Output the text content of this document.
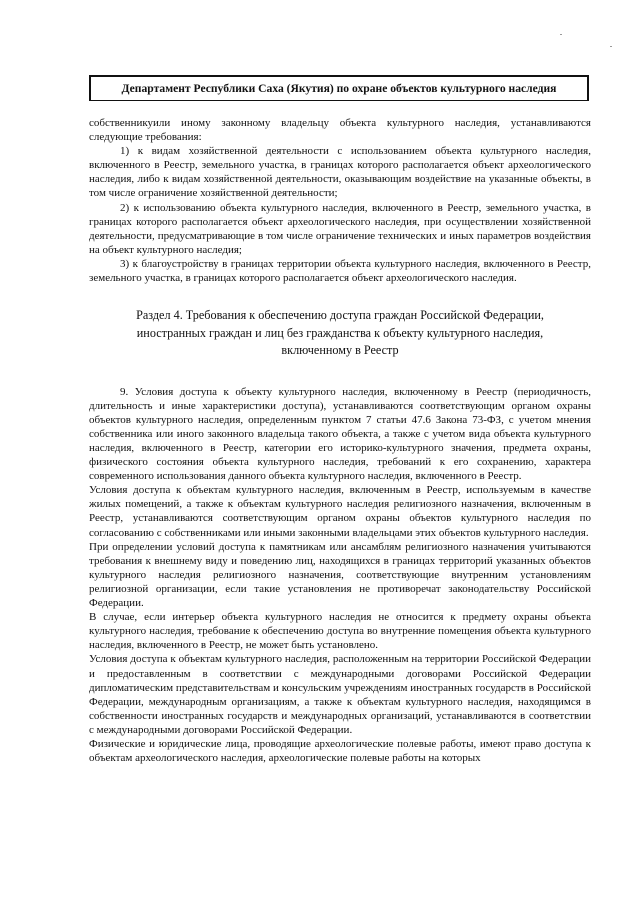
Департамент Республики Саха (Якутия) по охране объектов культурного наследия

собственникуили иному законному владельцу объекта культурного наследия, устанавливаются следующие требования:

1) к видам хозяйственной деятельности с использованием объекта культурного наследия, включенного в Реестр, земельного участка, в границах которого располагается объект археологического наследия, либо к видам хозяйственной деятельности, оказывающим воздействие на указанные объекты, в том числе ограничение хозяйственной деятельности;

2) к использованию объекта культурного наследия, включенного в Реестр, земельного участка, в границах которого располагается объект археологического наследия, при осуществлении хозяйственной деятельности, предусматривающие в том числе ограничение технических и иных параметров воздействия на объект культурного наследия;

3) к благоустройству в границах территории объекта культурного наследия, включенного в Реестр, земельного участка, в границах которого располагается объект археологического наследия.

Раздел 4. Требования к обеспечению доступа граждан Российской Федерации,
иностранных граждан и лиц без гражданства к объекту культурного наследия,
включенному в Реестр

9. Условия доступа к объекту культурного наследия, включенному в Реестр (периодичность, длительность и иные характеристики доступа), устанавливаются соответствующим органом охраны объектов культурного наследия, определенным пунктом 7 статьи 47.6 Закона 73-ФЗ, с учетом мнения собственника или иного законного владельца такого объекта, а также с учетом вида объекта культурного наследия, включенного в Реестр, категории его историко-культурного значения, предмета охраны, физического состояния объекта культурного наследия, требований к его сохранению, характера современного использования данного объекта культурного наследия, включенного в Реестр.

Условия доступа к объектам культурного наследия, включенным в Реестр, используемым в качестве жилых помещений, а также к объектам культурного наследия религиозного назначения, включенным в Реестр, устанавливаются соответствующим органом охраны объектов культурного наследия по согласованию с собственниками или иными законными владельцами этих объектов культурного наследия.

При определении условий доступа к памятникам или ансамблям религиозного назначения учитываются требования к внешнему виду и поведению лиц, находящихся в границах территорий указанных объектов культурного наследия религиозного назначения, соответствующие внутренним установлениям религиозной организации, если такие установления не противоречат законодательству Российской Федерации.

В случае, если интерьер объекта культурного наследия не относится к предмету охраны объекта культурного наследия, требование к обеспечению доступа во внутренние помещения объекта культурного наследия, включенного в Реестр, не может быть установлено.

Условия доступа к объектам культурного наследия, расположенным на территории Российской Федерации и предоставленным в соответствии с международными договорами Российской Федерации дипломатическим представительствам и консульским учреждениям иностранных государств в Российской Федерации, международным организациям, а также к объектам культурного наследия, находящимся в собственности иностранных государств и международных организаций, устанавливаются в соответствии с международными договорами Российской Федерации.

Физические и юридические лица, проводящие археологические полевые работы, имеют право доступа к объектам археологического наследия, археологические полевые работы на которых
